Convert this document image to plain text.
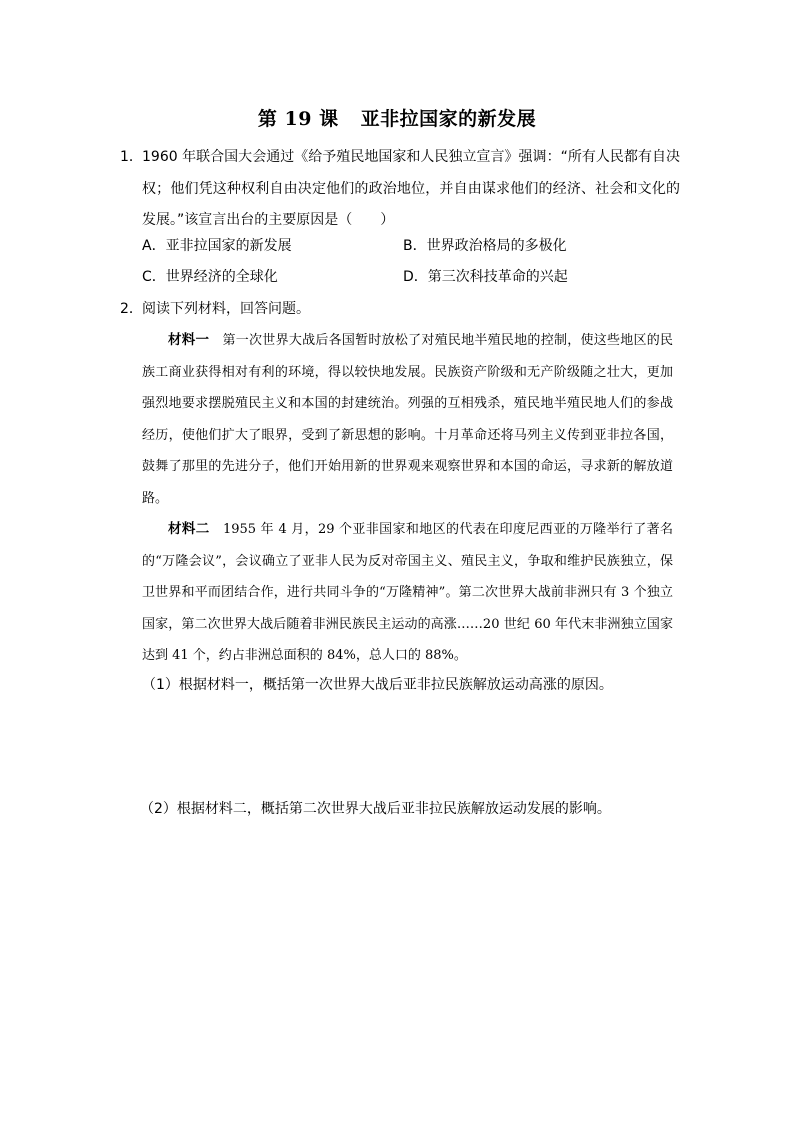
第 19 课 亚非拉国家的新发展
1． 1960 年联合国大会通过《给予殖民地国家和人民独立宣言》强调：“所有人民都有自决权；他们凭这种权利自由决定他们的政治地位，并自由谋求他们的经济、社会和文化的发展。”该宣言出台的主要原因是（　　）
A．亚非拉国家的新发展	B．世界政治格局的多极化
C．世界经济的全球化	D．第三次科技革命的兴起
2． 阅读下列材料，回答问题。
材料一　第一次世界大战后各国暂时放松了对殖民地半殖民地的控制，使这些地区的民族工商业获得相对有利的环境，得以较快地发展。民族资产阶级和无产阶级随之壮大，更加强烈地要求摆脱殖民主义和本国的封建统治。列强的互相残杀，殖民地半殖民地人们的参战经历，使他们扩大了眼界，受到了新思想的影响。十月革命还将马列主义传到亚非拉各国，鼓舞了那里的先进分子，他们开始用新的世界观来观察世界和本国的命运，寻求新的解放道路。
材料二　1955 年 4 月，29 个亚非国家和地区的代表在印度尼西亚的万隆举行了著名的“万隆会议”，会议确立了亚非人民为反对帝国主义、殖民主义，争取和维护民族独立，保卫世界和平而团结合作，进行共同斗争的“万隆精神”。第二次世界大战前非洲只有 3 个独立国家，第二次世界大战后随着非洲民族民主运动的高涨……20 世纪 60 年代末非洲独立国家达到 41 个，约占非洲总面积的 84%，总人口的 88%。
（1）根据材料一，概括第一次世界大战后亚非拉民族解放运动高涨的原因。
（2）根据材料二，概括第二次世界大战后亚非拉民族解放运动发展的影响。
